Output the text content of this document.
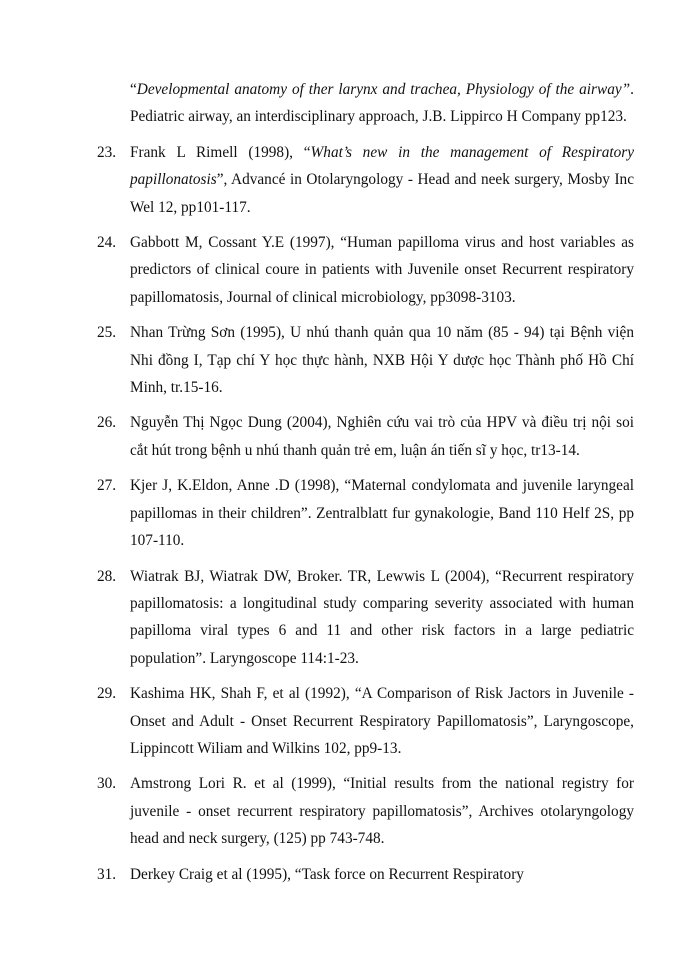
“Developmental anatomy of ther larynx and trachea, Physiology of the airway”. Pediatric airway, an interdisciplinary approach, J.B. Lippirco H Company pp123.
23. Frank L Rimell (1998), “What’s new in the management of Respiratory papillonatosis”, Advancé in Otolaryngology - Head and neek surgery, Mosby Inc Wel 12, pp101-117.
24. Gabbott M, Cossant Y.E (1997), “Human papilloma virus and host variables as predictors of clinical coure in patients with Juvenile onset Recurrent respiratory papillomatosis, Journal of clinical microbiology, pp3098-3103.
25. Nhan Trừng Sơn (1995), U nhú thanh quản qua 10 năm (85 - 94) tại Bệnh viện Nhi đồng I, Tạp chí Y học thực hành, NXB Hội Y dược học Thành phố Hồ Chí Minh, tr.15-16.
26. Nguyễn Thị Ngọc Dung (2004), Nghiên cứu vai trò của HPV và điều trị nội soi cắt hút trong bệnh u nhú thanh quản trẻ em, luận án tiến sĩ y học, tr13-14.
27. Kjer J, K.Eldon, Anne .D (1998), “Maternal condylomata and juvenile laryngeal papillomas in their children”. Zentralblatt fur gynakologie, Band 110 Helf 2S, pp 107-110.
28. Wiatrak BJ, Wiatrak DW, Broker. TR, Lewwis L (2004), “Recurrent respiratory papillomatosis: a longitudinal study comparing severity associated with human papilloma viral types 6 and 11 and other risk factors in a large pediatric population”. Laryngoscope 114:1-23.
29. Kashima HK, Shah F, et al (1992), “A Comparison of Risk Jactors in Juvenile - Onset and Adult - Onset Recurrent Respiratory Papillomatosis”, Laryngoscope, Lippincott Wiliam and Wilkins 102, pp9-13.
30. Amstrong Lori R. et al (1999), “Initial results from the national registry for juvenile - onset recurrent respiratory papillomatosis”, Archives otolaryngology head and neck surgery, (125) pp 743-748.
31. Derkey Craig et al (1995), “Task force on Recurrent Respiratory
